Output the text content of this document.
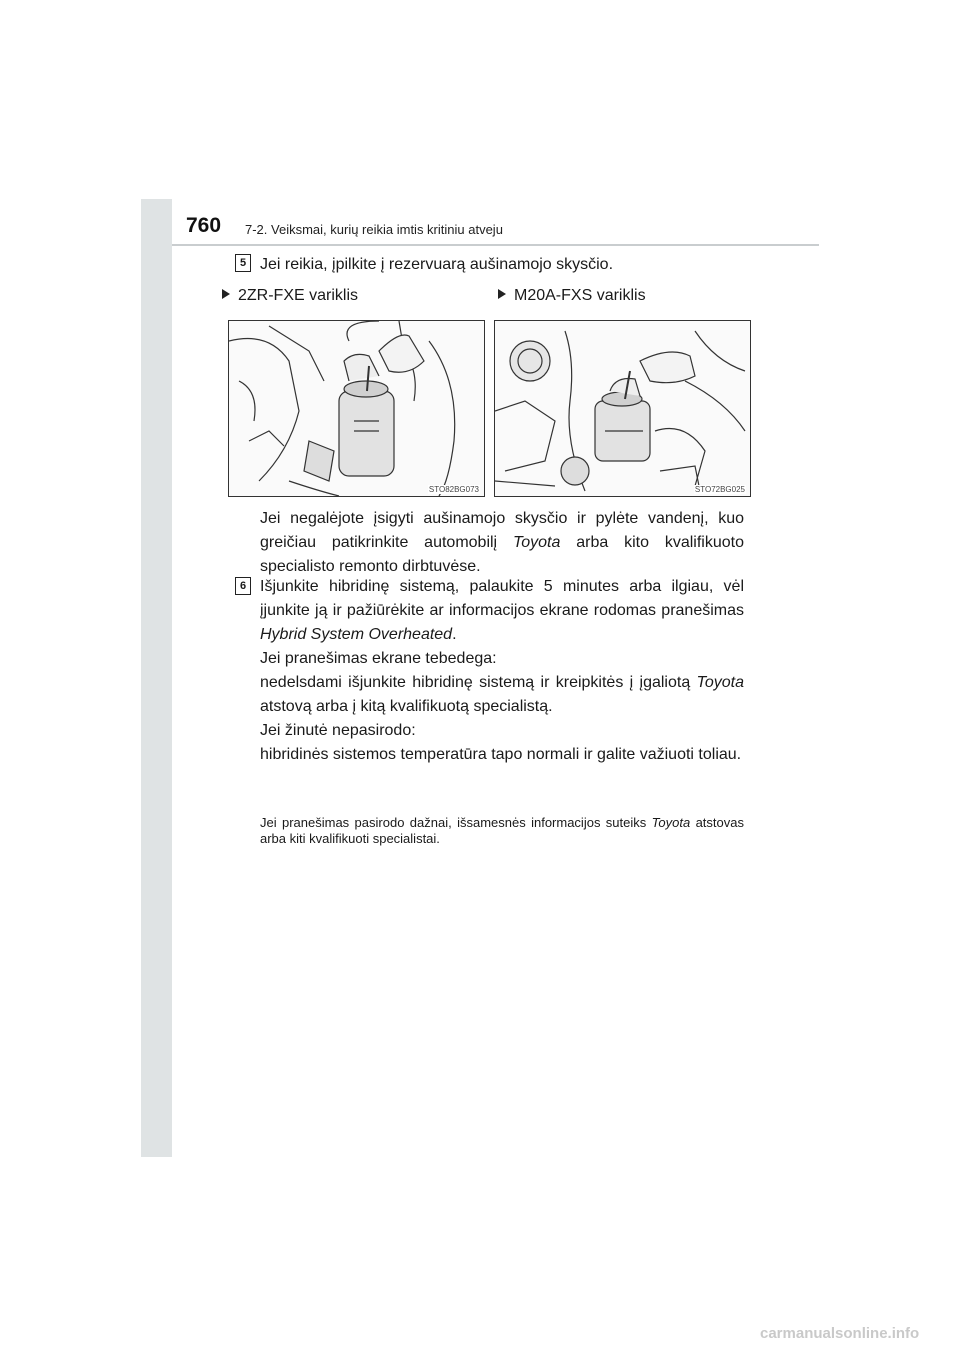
760 7-2. Veiksmai, kurių reikia imtis kritiniu atveju
5 Jei reikia, įpilkite į rezervuarą aušinamojo skysčio.
2ZR-FXE variklis	M20A-FXS variklis
STO82BG073	STO72BG025
Jei negalėjote įsigyti aušinamojo skysčio ir pylėte vandenį, kuo greičiau patikrinkite automobilį Toyota arba kito kvalifikuoto specialisto remonto dirbtuvėse.
6 Išjunkite hibridinę sistemą, palaukite 5 minutes arba ilgiau, vėl įjunkite ją ir pažiūrėkite ar informacijos ekrane rodomas pranešimas Hybrid System Overheated.
Jei pranešimas ekrane tebedega:
nedelsdami išjunkite hibridinę sistemą ir kreipkitės į įgaliotą Toyota atstovą arba į kitą kvalifikuotą specialistą.
Jei žinutė nepasirodo:
hibridinės sistemos temperatūra tapo normali ir galite važiuoti toliau.
Jei pranešimas pasirodo dažnai, išsamesnės informacijos suteiks Toyota atstovas arba kiti kvalifikuoti specialistai.
carmanualsonline.info
